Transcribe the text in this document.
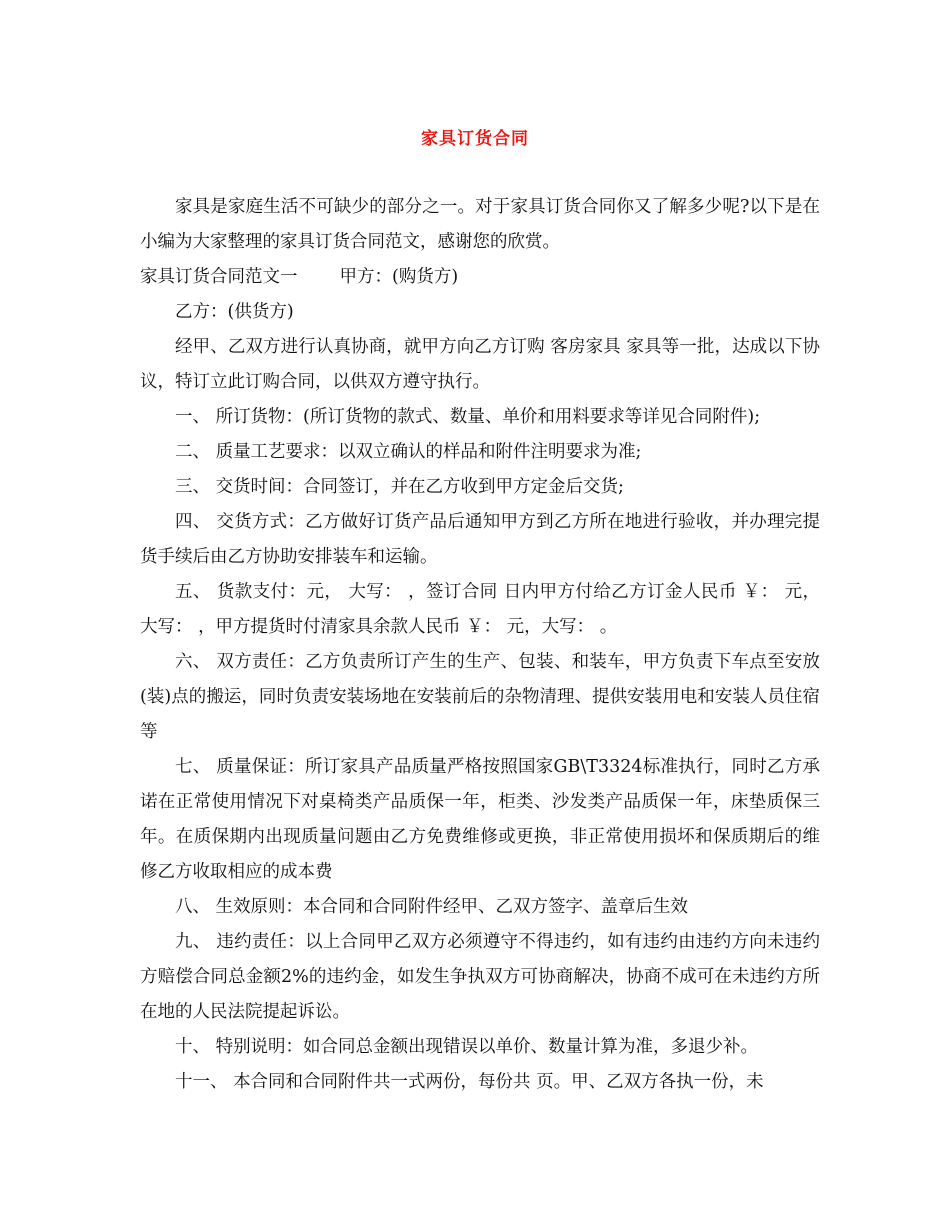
家具订货合同

家具是家庭生活不可缺少的部分之一。对于家具订货合同你又了解多少呢?以下是在小编为大家整理的家具订货合同范文，感谢您的欣赏。

家具订货合同范文一 甲方：(购货方)

乙方：(供货方)

经甲、乙双方进行认真协商，就甲方向乙方订购 客房家具 家具等一批，达成以下协议，特订立此订购合同，以供双方遵守执行。

一、 所订货物：(所订货物的款式、数量、单价和用料要求等详见合同附件);

二、 质量工艺要求：以双立确认的样品和附件注明要求为准;

三、 交货时间：合同签订，并在乙方收到甲方定金后交货;

四、 交货方式：乙方做好订货产品后通知甲方到乙方所在地进行验收，并办理完提货手续后由乙方协助安排装车和运输。

五、 货款支付：元， 大写： ，签订合同 日内甲方付给乙方订金人民币 ￥： 元，大写： ，甲方提货时付清家具余款人民币 ￥： 元，大写： 。

六、 双方责任：乙方负责所订产生的生产、包装、和装车，甲方负责下车点至安放(装)点的搬运，同时负责安装场地在安装前后的杂物清理、提供安装用电和安装人员住宿等

七、 质量保证：所订家具产品质量严格按照国家GB\T3324标准执行，同时乙方承诺在正常使用情况下对桌椅类产品质保一年，柜类、沙发类产品质保一年，床垫质保三年。在质保期内出现质量问题由乙方免费维修或更换，非正常使用损坏和保质期后的维修乙方收取相应的成本费

八、 生效原则：本合同和合同附件经甲、乙双方签字、盖章后生效

九、 违约责任：以上合同甲乙双方必须遵守不得违约，如有违约由违约方向未违约方赔偿合同总金额2%的违约金，如发生争执双方可协商解决，协商不成可在未违约方所在地的人民法院提起诉讼。

十、 特别说明：如合同总金额出现错误以单价、数量计算为准，多退少补。

十一、 本合同和合同附件共一式两份，每份共 页。甲、乙双方各执一份，未
